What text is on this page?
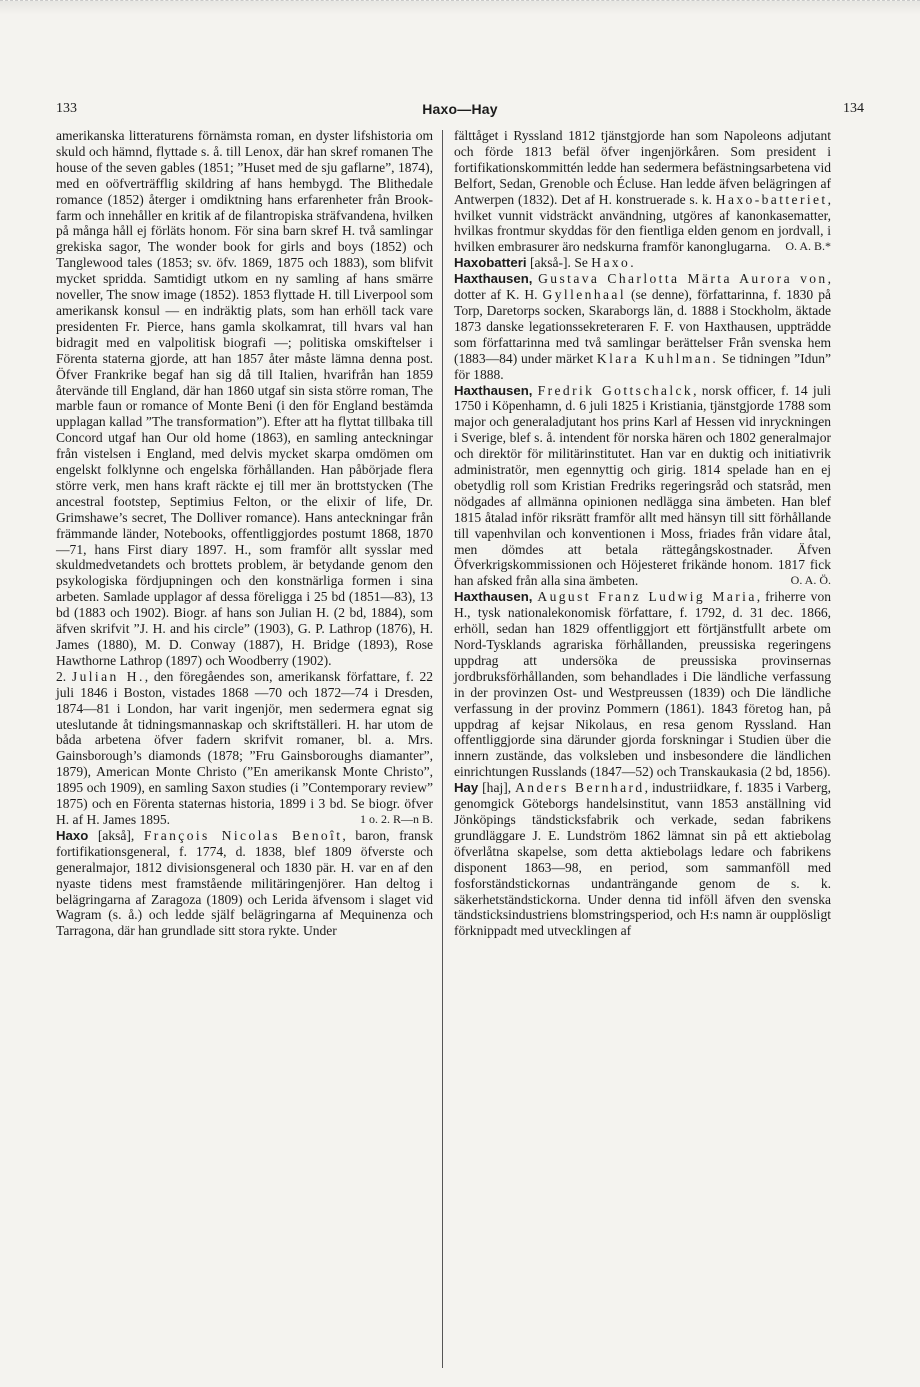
133	Haxo—Hay	134

amerikanska litteraturens förnämsta roman, en dyster lifshistoria om skuld och hämnd, flyttade s. å. till Lenox, där han skref romanen The house of the seven gables (1851; ”Huset med de sju gaflarne”, 1874), med en oöfverträfflig skildring af hans hembygd. The Blithedale romance (1852) återger i omdiktning hans erfarenheter från Brook-farm och innehåller en kritik af de filantropiska sträfvandena, hvilken på många håll ej förläts honom. För sina barn skref H. två samlingar grekiska sagor, The wonder book for girls and boys (1852) och Tanglewood tales (1853; sv. öfv. 1869, 1875 och 1883), som blifvit mycket spridda. Samtidigt utkom en ny samling af hans smärre noveller, The snow image (1852). 1853 flyttade H. till Liverpool som amerikansk konsul — en indräktig plats, som han erhöll tack vare presidenten Fr. Pierce, hans gamla skolkamrat, till hvars val han bidragit med en valpolitisk biografi —; politiska omskiftelser i Förenta staterna gjorde, att han 1857 åter måste lämna denna post. Öfver Frankrike begaf han sig då till Italien, hvarifrån han 1859 återvände till England, där han 1860 utgaf sin sista större roman, The marble faun or romance of Monte Beni (i den för England bestämda upplagan kallad ”The transformation”). Efter att ha flyttat tillbaka till Concord utgaf han Our old home (1863), en samling anteckningar från vistelsen i England, med delvis mycket skarpa omdömen om engelskt folklynne och engelska förhållanden. Han påbörjade flera större verk, men hans kraft räckte ej till mer än brottstycken (The ancestral footstep, Septimius Felton, or the elixir of life, Dr. Grimshawe’s secret, The Dolliver romance). Hans anteckningar från främmande länder, Notebooks, offentliggjordes postumt 1868, 1870—71, hans First diary 1897. H., som framför allt sysslar med skuldmedvetandets och brottets problem, är betydande genom den psykologiska fördjupningen och den konstnärliga formen i sina arbeten. Samlade upplagor af dessa föreligga i 25 bd (1851—83), 13 bd (1883 och 1902). Biogr. af hans son Julian H. (2 bd, 1884), som äfven skrifvit ”J. H. and his circle” (1903), G. P. Lathrop (1876), H. James (1880), M. D. Conway (1887), H. Bridge (1893), Rose Hawthorne Lathrop (1897) och Woodberry (1902).

2. Julian H., den föregåendes son, amerikansk författare, f. 22 juli 1846 i Boston, vistades 1868 —70 och 1872—74 i Dresden, 1874—81 i London, har varit ingenjör, men sedermera egnat sig uteslutande åt tidningsmannaskap och skriftställeri. H. har utom de båda arbetena öfver fadern skrifvit romaner, bl. a. Mrs. Gainsborough’s diamonds (1878; ”Fru Gainsboroughs diamanter”, 1879), American Monte Christo (”En amerikansk Monte Christo”, 1895 och 1909), en samling Saxon studies (i ”Contemporary review” 1875) och en Förenta staternas historia, 1899 i 3 bd. Se biogr. öfver H. af H. James 1895.	1 o. 2. R—n B.

Haxo [akså], François Nicolas Benoît, baron, fransk fortifikationsgeneral, f. 1774, d. 1838, blef 1809 öfverste och generalmajor, 1812 divisionsgeneral och 1830 pär. H. var en af den nyaste tidens mest framstående militäringenjörer. Han deltog i belägringarna af Zaragoza (1809) och Lerida äfvensom i slaget vid Wagram (s. å.) och ledde själf belägringarna af Mequinenza och Tarragona, där han grundlade sitt stora rykte. Under

fälttåget i Ryssland 1812 tjänstgjorde han som Napoleons adjutant och förde 1813 befäl öfver ingenjörkåren. Som president i fortifikationskommittén ledde han sedermera befästningsarbetena vid Belfort, Sedan, Grenoble och Écluse. Han ledde äfven belägringen af Antwerpen (1832). Det af H. konstruerade s. k. Haxo-batteriet, hvilket vunnit vidsträckt användning, utgöres af kanonkasematter, hvilkas frontmur skyddas för den fientliga elden genom en jordvall, i hvilken embrasurer äro nedskurna framför kanonglugarna. O. A. B.*

Haxobatteri [akså-]. Se Haxo.

Haxthausen, Gustava Charlotta Märta Aurora von, dotter af K. H. Gyllenhaal (se denne), författarinna, f. 1830 på Torp, Daretorps socken, Skaraborgs län, d. 1888 i Stockholm, äktade 1873 danske legationssekreteraren F. F. von Haxthausen, uppträdde som författarinna med två samlingar berättelser Från svenska hem (1883—84) under märket Klara Kuhlman. Se tidningen ”Idun” för 1888.

Haxthausen, Fredrik Gottschalck, norsk officer, f. 14 juli 1750 i Köpenhamn, d. 6 juli 1825 i Kristiania, tjänstgjorde 1788 som major och generaladjutant hos prins Karl af Hessen vid inryckningen i Sverige, blef s. å. intendent för norska hären och 1802 generalmajor och direktör för militärinstitutet. Han var en duktig och initiativrik administratör, men egennyttig och girig. 1814 spelade han en ej obetydlig roll som Kristian Fredriks regeringsråd och statsråd, men nödgades af allmänna opinionen nedlägga sina ämbeten. Han blef 1815 åtalad inför riksrätt framför allt med hänsyn till sitt förhållande till vapenhvilan och konventionen i Moss, friades från vidare åtal, men dömdes att betala rättegångskostnader. Äfven Öfverkrigskommissionen och Höjesteret frikände honom. 1817 fick han afsked från alla sina ämbeten.	O. A. Ö.

Haxthausen, August Franz Ludwig Maria, friherre von H., tysk nationalekonomisk författare, f. 1792, d. 31 dec. 1866, erhöll, sedan han 1829 offentliggjort ett förtjänstfullt arbete om Nord-Tysklands agrariska förhållanden, preussiska regeringens uppdrag att undersöka de preussiska provinsernas jordbruksförhållanden, som behandlades i Die ländliche verfassung in der provinzen Ost- und Westpreussen (1839) och Die ländliche verfassung in der provinz Pommern (1861). 1843 företog han, på uppdrag af kejsar Nikolaus, en resa genom Ryssland. Han offentliggjorde sina därunder gjorda forskningar i Studien über die innern zustände, das volksleben und insbesondere die ländlichen einrichtungen Russlands (1847—52) och Transkaukasia (2 bd, 1856).

Hay [haj], Anders Bernhard, industriidkare, f. 1835 i Varberg, genomgick Göteborgs handelsinstitut, vann 1853 anställning vid Jönköpings tändsticksfabrik och verkade, sedan fabrikens grundläggare J. E. Lundström 1862 lämnat sin på ett aktiebolag öfverlåtna skapelse, som detta aktiebolags ledare och fabrikens disponent 1863—98, en period, som sammanföll med fosforständstickornas undanträngande genom de s. k. säkerhetständstickorna. Under denna tid inföll äfven den svenska tändsticksindustriens blomstringsperiod, och H:s namn är oupplösligt förknippadt med utvecklingen af
